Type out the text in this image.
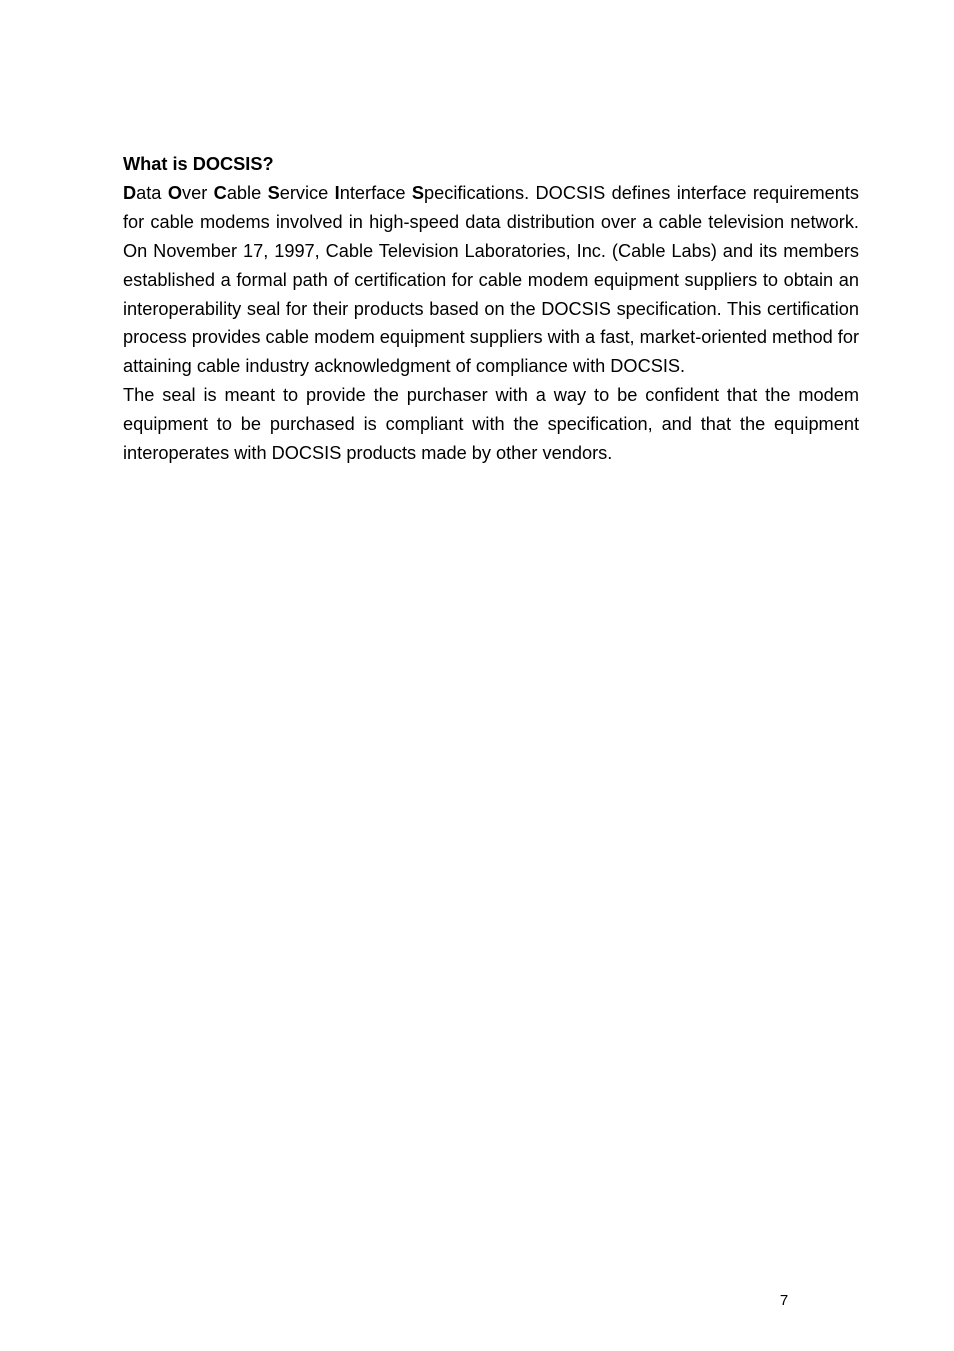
What is DOCSIS?

Data Over Cable Service Interface Specifications. DOCSIS defines interface requirements for cable modems involved in high-speed data distribution over a cable television network. On November 17, 1997, Cable Television Laboratories, Inc. (Cable Labs) and its members established a formal path of certification for cable modem equipment suppliers to obtain an interoperability seal for their products based on the DOCSIS specification. This certification process provides cable modem equipment suppliers with a fast, market-oriented method for attaining cable industry acknowledgment of compliance with DOCSIS.

The seal is meant to provide the purchaser with a way to be confident that the modem equipment to be purchased is compliant with the specification, and that the equipment interoperates with DOCSIS products made by other vendors.

7
